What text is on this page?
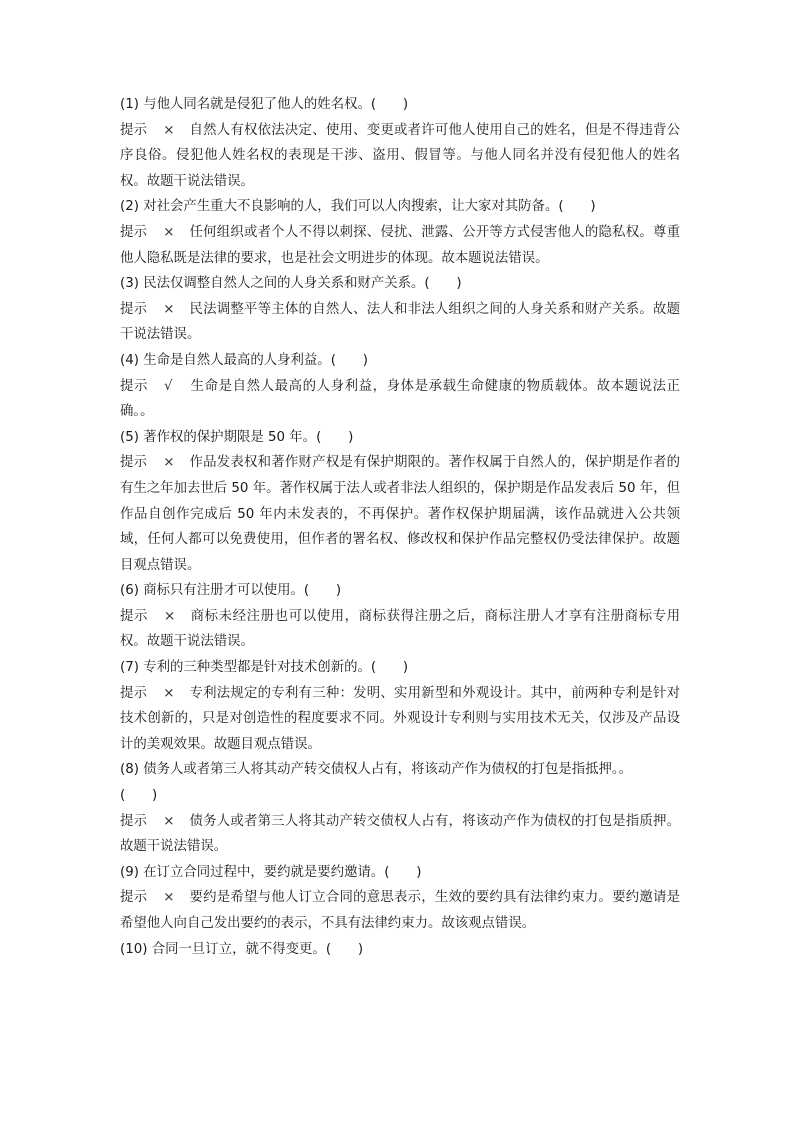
(1) 与他人同名就是侵犯了他人的姓名权。(　　)
提示 × 自然人有权依法决定、使用、变更或者许可他人使用自己的姓名，但是不得违背公序良俗。侵犯他人姓名权的表现是干涉、盗用、假冒等。与他人同名并没有侵犯他人的姓名权。故题干说法错误。
(2) 对社会产生重大不良影响的人，我们可以人肉搜索，让大家对其防备。(　　)
提示 × 任何组织或者个人不得以刺探、侵扰、泄露、公开等方式侵害他人的隐私权。尊重他人隐私既是法律的要求，也是社会文明进步的体现。故本题说法错误。
(3) 民法仅调整自然人之间的人身关系和财产关系。(　　)
提示 × 民法调整平等主体的自然人、法人和非法人组织之间的人身关系和财产关系。故题干说法错误。
(4) 生命是自然人最高的人身利益。(　　)
提示 √ 生命是自然人最高的人身利益，身体是承载生命健康的物质载体。故本题说法正确。。
(5) 著作权的保护期限是 50 年。(　　)
提示 × 作品发表权和著作财产权是有保护期限的。著作权属于自然人的，保护期是作者的有生之年加去世后 50 年。著作权属于法人或者非法人组织的，保护期是作品发表后 50 年，但作品自创作完成后 50 年内未发表的，不再保护。著作权保护期届满，该作品就进入公共领域，任何人都可以免费使用，但作者的署名权、修改权和保护作品完整权仍受法律保护。故题目观点错误。
(6) 商标只有注册才可以使用。(　　)
提示 × 商标未经注册也可以使用，商标获得注册之后，商标注册人才享有注册商标专用权。故题干说法错误。
(7) 专利的三种类型都是针对技术创新的。(　　)
提示 × 专利法规定的专利有三种：发明、实用新型和外观设计。其中，前两种专利是针对技术创新的，只是对创造性的程度要求不同。外观设计专利则与实用技术无关，仅涉及产品设计的美观效果。故题目观点错误。
(8) 债务人或者第三人将其动产转交债权人占有，将该动产作为债权的打包是指抵押。。
(　　)
提示 × 债务人或者第三人将其动产转交债权人占有，将该动产作为债权的打包是指质押。故题干说法错误。
(9) 在订立合同过程中，要约就是要约邀请。(　　)
提示 × 要约是希望与他人订立合同的意思表示，生效的要约具有法律约束力。要约邀请是希望他人向自己发出要约的表示，不具有法律约束力。故该观点错误。
(10) 合同一旦订立，就不得变更。(　　)
